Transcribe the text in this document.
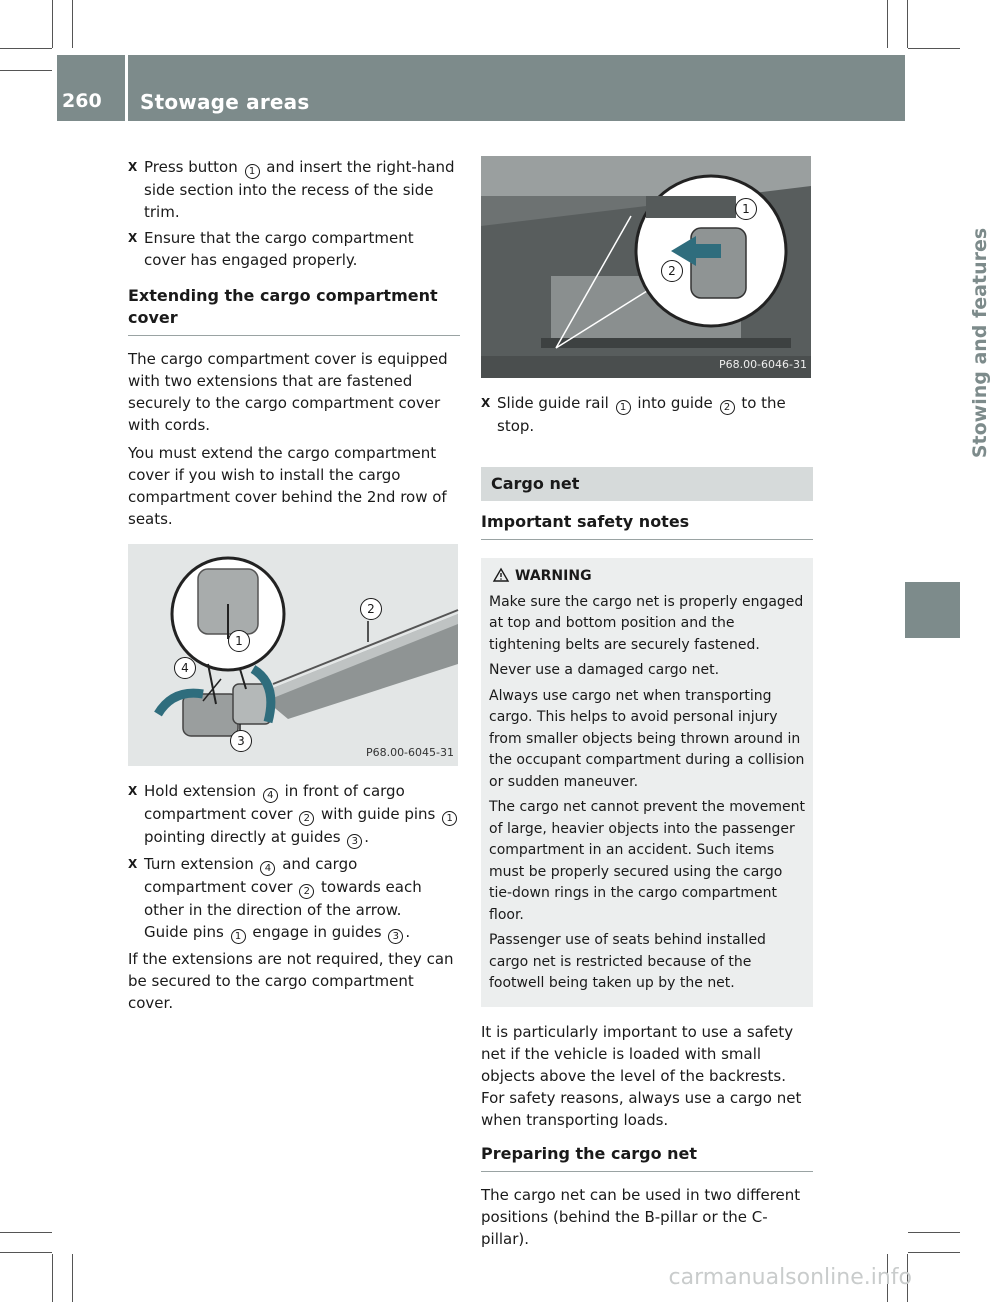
260	Stowage areas
Stowing and features
X Press button 1 and insert the right-hand side section into the recess of the side trim.
X Ensure that the cargo compartment cover has engaged properly.
Extending the cargo compartment cover
The cargo compartment cover is equipped with two extensions that are fastened securely to the cargo compartment cover with cords.
You must extend the cargo compartment cover if you wish to install the cargo compartment cover behind the 2nd row of seats.
2
1
4
3
P68.00-6045-31
X Hold extension 4 in front of cargo compartment cover 2 with guide pins 1 pointing directly at guides 3 .
X Turn extension 4 and cargo compartment cover 2 towards each other in the direction of the arrow.
Guide pins 1 engage in guides 3 .
If the extensions are not required, they can be secured to the cargo compartment cover.
1
2
P68.00-6046-31
X Slide guide rail 1 into guide 2 to the stop.
Cargo net
Important safety notes
WARNING

Make sure the cargo net is properly engaged at top and bottom position and the tightening belts are securely fastened.

Never use a damaged cargo net.

Always use cargo net when transporting cargo. This helps to avoid personal injury from smaller objects being thrown around in the occupant compartment during a collision or sudden maneuver.

The cargo net cannot prevent the movement of large, heavier objects into the passenger compartment in an accident. Such items must be properly secured using the cargo tie-down rings in the cargo compartment floor.

Passenger use of seats behind installed cargo net is restricted because of the footwell being taken up by the net.

It is particularly important to use a safety net if the vehicle is loaded with small objects above the level of the backrests. For safety reasons, always use a cargo net when transporting loads.
Preparing the cargo net
The cargo net can be used in two different positions (behind the B-pillar or the C-pillar).
carmanualsonline.info
